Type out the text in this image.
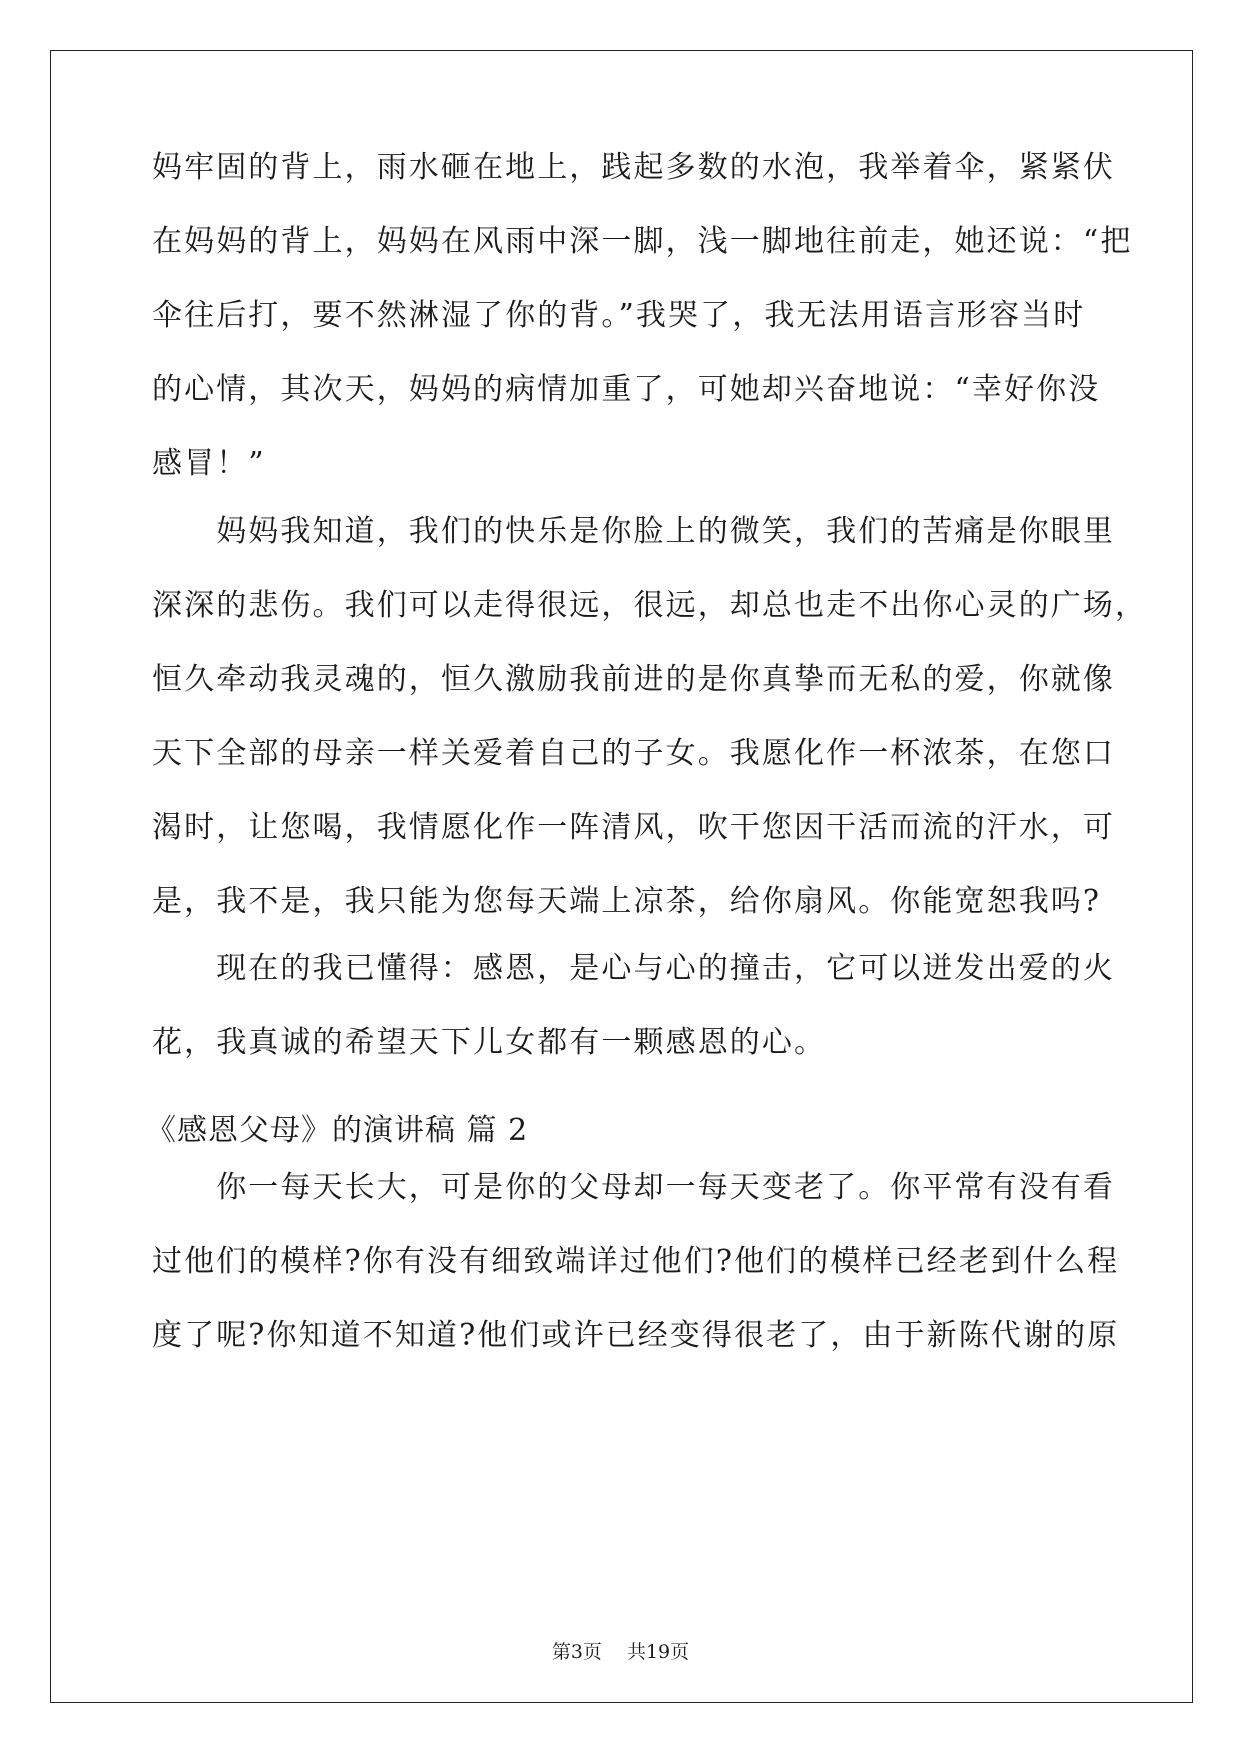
妈牢固的背上，雨水砸在地上，践起多数的水泡，我举着伞，紧紧伏
在妈妈的背上，妈妈在风雨中深一脚，浅一脚地往前走，她还说：“把
伞往后打，要不然淋湿了你的背。”我哭了，我无法用语言形容当时
的心情，其次天，妈妈的病情加重了，可她却兴奋地说：“幸好你没
感冒！”
　　妈妈我知道，我们的快乐是你脸上的微笑，我们的苦痛是你眼里
深深的悲伤。我们可以走得很远，很远，却总也走不出你心灵的广场，
恒久牵动我灵魂的，恒久激励我前进的是你真挚而无私的爱，你就像
天下全部的母亲一样关爱着自己的子女。我愿化作一杯浓茶，在您口
渴时，让您喝，我情愿化作一阵清风，吹干您因干活而流的汗水，可
是，我不是，我只能为您每天端上凉茶，给你扇风。你能宽恕我吗?
　　现在的我已懂得：感恩，是心与心的撞击，它可以迸发出爱的火
花，我真诚的希望天下儿女都有一颗感恩的心。
《感恩父母》的演讲稿 篇 2
　　你一每天长大，可是你的父母却一每天变老了。你平常有没有看
过他们的模样?你有没有细致端详过他们?他们的模样已经老到什么程
度了呢?你知道不知道?他们或许已经变得很老了，由于新陈代谢的原
第3页　 共19页
